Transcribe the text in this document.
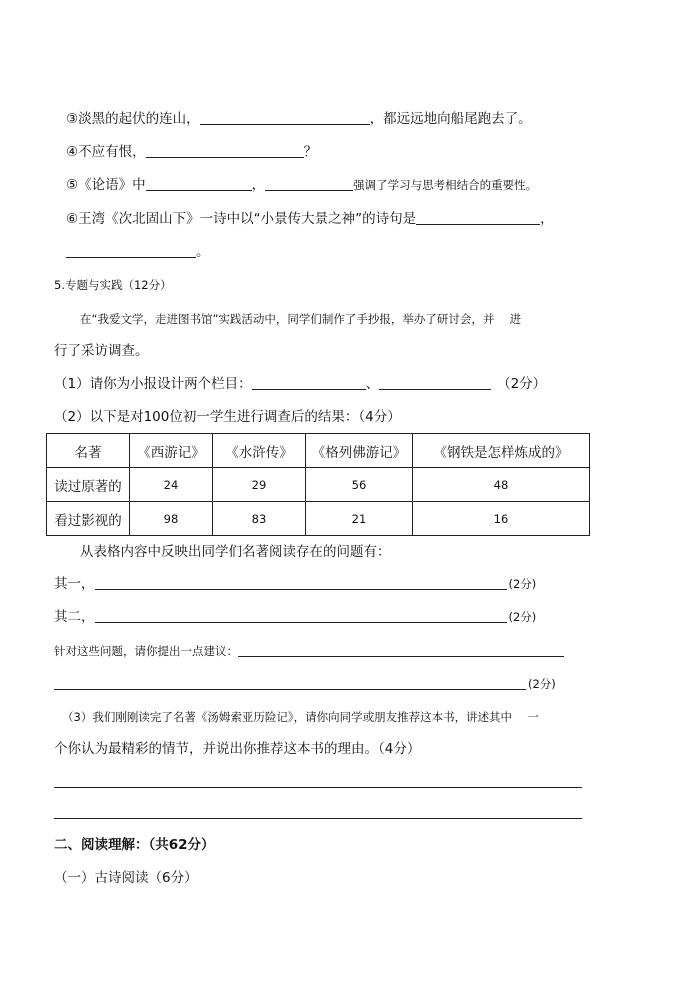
③淡黑的起伏的连山，	，都远远地向船尾跑去了。
④不应有恨，	？
⑤《论语》中	，	强调了学习与思考相结合的重要性。
⑥王湾《次北固山下》一诗中以“小景传大景之神”的诗句是	，
。
5.专题与实践（12分）
在“我爱文学，走进图书馆”实践活动中，同学们制作了手抄报，举办了研讨会，并　 进
行了采访调查。
（1）请你为小报设计两个栏目：	、	（2分）
（2）以下是对100位初一学生进行调查后的结果：（4分）
名著	《西游记》	《水浒传》	《格列佛游记》	《钢铁是怎样炼成的》
读过原著的	24	29	56	48
看过影视的	98	83	21	16
从表格内容中反映出同学们名著阅读存在的问题有：
其一，	(2分)
其二，	(2分)
针对这些问题，请你提出一点建议：
(2分)
（3）我们刚刚读完了名著《汤姆索亚历险记》，请你向同学或朋友推荐这本书，讲述其中　 一
个你认为最精彩的情节，并说出你推荐这本书的理由。（4分）
二、阅读理解：（共62分）
（一）古诗阅读（6分）
